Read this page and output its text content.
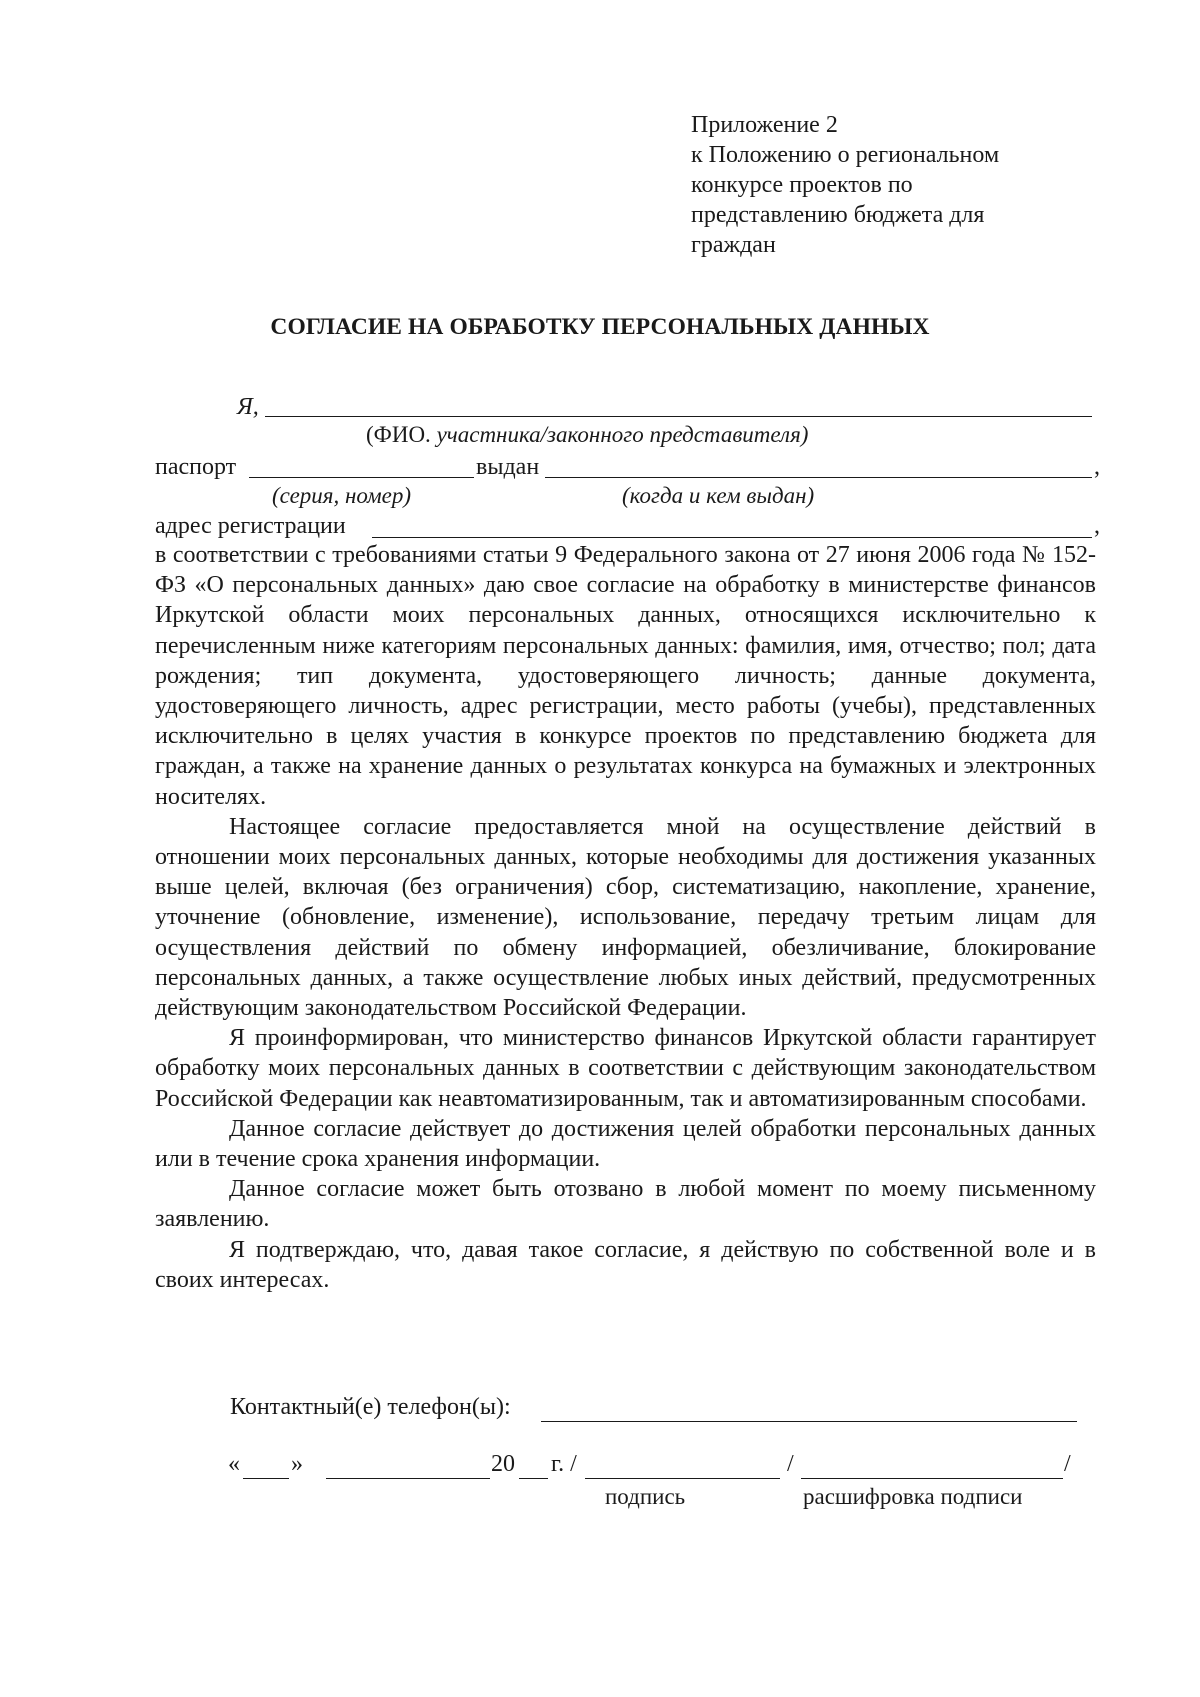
Приложение 2
к Положению о региональном
конкурсе проектов по
представлению бюджета для
граждан
СОГЛАСИЕ НА ОБРАБОТКУ ПЕРСОНАЛЬНЫХ ДАННЫХ
Я,
(ФИО. участника/законного представителя)
паспорт	выдан	,
(серия, номер)	(когда и кем выдан)
адрес регистрации	,

в соответствии с требованиями статьи 9 Федерального закона от 27 июня 2006 года № 152-ФЗ «О персональных данных» даю свое согласие на обработку в министерстве финансов Иркутской области моих персональных данных, относящихся исключительно к перечисленным ниже категориям персональных данных: фамилия, имя, отчество; пол; дата рождения; тип документа, удостоверяющего личность; данные документа, удостоверяющего личность, адрес регистрации, место работы (учебы), представленных исключительно в целях участия в конкурсе проектов по представлению бюджета для граждан, а также на хранение данных о результатах конкурса на бумажных и электронных носителях.

Настоящее согласие предоставляется мной на осуществление действий в отношении моих персональных данных, которые необходимы для достижения указанных выше целей, включая (без ограничения) сбор, систематизацию, накопление, хранение, уточнение (обновление, изменение), использование, передачу третьим лицам для осуществления действий по обмену информацией, обезличивание, блокирование персональных данных, а также осуществление любых иных действий, предусмотренных действующим законодательством Российской Федерации.

Я проинформирован, что министерство финансов Иркутской области гарантирует обработку моих персональных данных в соответствии с действующим законодательством Российской Федерации как неавтоматизированным, так и автоматизированным способами.

Данное согласие действует до достижения целей обработки персональных данных или в течение срока хранения информации.

Данное согласие может быть отозвано в любой момент по моему письменному заявлению.

Я подтверждаю, что, давая такое согласие, я действую по собственной воле и в своих интересах.

Контактный(е) телефон(ы):
« »	20 г. /	/	/
подпись	расшифровка подписи
